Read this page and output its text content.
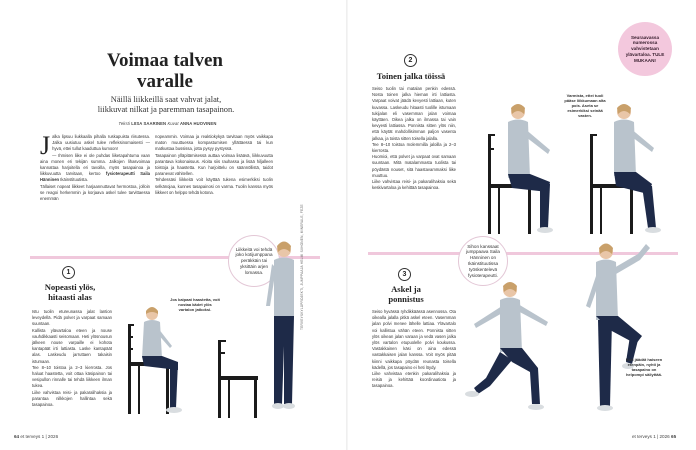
Voimaa talven
varalle
Näillä liikkeillä saat vahvat jalat,
liikkuvat nilkat ja paremman tasapainon.
Teksti LIISA SAARINEN Kuvat ANNA HUOVINEN

J alka lipsuu liukkaalla pihalla ruskapuista riisutessa. Jalka uusiutuu askel tulee refleksinomaisesti — hyvä, ettei tullut kaaduttua kumoon!

— Ihmisen liike ei ole puhdas liiketapahtuma vaan aina monen eri tekijän summa. Jalkojen lihasvoimaa kannattaa harjoitella eri tavoilla, myös tasapainoa ja liikkuvuutta tarvitaan, kertoo fysioterapeutti Saila Hänninen Ikäinstituutista.

Tällaiset nopeat liikkeet harjaannuttavat hermostoa, jolloin se reagoi herkemmin ja korjaava askel tulee tarvittaessa enemmän

nopeammin. Voimaa ja reaktiokykyä tarvitaan myös vaikkapa maton muuttuessa kompastumisen yllättäessä tai kun matkustaa bussissa, jotta pysyy pystyssä.

Tasapainon ylläpitämisessä auttaa voimaa lisäävä, liikkuvuutta parantava kokonaisuus. Aloita siis rauhassa ja lisää hiljalleen toistoja ja haastetta. Kun harjoittelu on säännöllistä, taidot paranevat vähitellen.

Tehdessäsi liikkeitä voit käyttää tukena esimerkiksi tuolin selkänojaa, kunnes tasapainosi on varma. Tuolin kanssa myös liikkeet on helppo tehdä kotona.

1
Nopeasti ylös,
hitaasti alas

Istu tuolin etureunassa jalat lantion leveydellä. Pidä polvet ja varpaat samaan suuntaan.

Kallista ylävartaloa eteen ja nouse vauhdikkaasti seisomaan. Heti ylösnousun jälkeen nouse varpaille ei kohota kantapäät irti lattiasta. Laske kantapäät alas. Laskeudu jarruttaen takaisin istumaan.

Tee 8–10 toistoa ja 2–3 kierrosta. Jos haluat haastetta, voit ottaa käsipainon tai vesipullon rinnalle tai tehdä liikkeen ilman tukea.

Liike vahvistaa reisi- ja pakaralihaksia ja parantaa nilkkojen hallintaa sekä tasapainoa.

Liikkeitä voi tehdä joko kotijumppana peräkkäin tai yksittäin arjen lomassa.
Jos kaipaat haastetta, voit nostaa kädet ylös vartalon jatkoksi.	TERVEYSKYLÄPROJEKTI, JUMPPAAJA HELMI SIIHONEN, MINERALE, FEZE
64 et terveys 1 | 2026
Seuraavassa numerossa vahvistetaan ylävartaloa. TULE MUKAAN!
2
Toinen jalka töissä

Seiso tuolin tai matalan penkin edessä. Nosta toinen jalka hieman irti lattiasta. Varpaat voivat jäädä kevyesti lattiaan, kuten kuvassa. Laskeudu hitaasti tuolille istumaan tukijalan eli vasemman jalan voimaa käyttäen. Oikea jalka on ilmassa tai vain kevyesti lattiassa. Ponnista sitten ylös niin, että käytät mahdollisimman paljon vasenta jalkaa, ja toista sitten toisella jalalla.

Tee 8–10 toistoa molemmilla jaloilla ja 2–3 kierrosta.

Huomioi, että polvet ja varpaat ovat samaan suuntaan. Mitä matalammasta tuolista tai pöydästä nouset, sitä haastavammaksi liike muuttuu.

Liike vahvistaa reisi- ja pakaralihaksia sekä keskivartaloa ja kehittää tasapainoa.

Varmista, ettei tuoli pääse liikkumaan alta pois. Aseta se esimerkiksi seinää vasten.
Sihon kanssaat jumppaava Saila Hänninen on Ikäinstituutissa työskentelevä fysioterapeutti.
3
Askel ja
ponnistus

Seiso hyvässä ryhdikkäässä asennossa. Ota oikealla jalalla pitkä askel eteen. Vasemman jalan polvi menee lähelle lattiaa. Ylävartalo voi kallistua vähän eteen. Ponnista sitten ylös oikean jalan varaan ja vedä vasen jalka ylös vartalon etupuolelle polvi koukussa. Vastakkainen käsi on aina edessä vastakkaisen jalan kanssa. Voit myös pitää kiinni vaikkapa pöydän reunasta toisella kädellä, jos tasapaino ei heti löydy.

Liike vahvistaa etenkin pakaralihaksia ja reisiä ja kehittää koordinaatiota ja tasapainoa.

Kun jäädät haiseen etenpäin, nyhti ja tasapaino on helpompi säilyttää.
et terveys 1 | 2026 65
